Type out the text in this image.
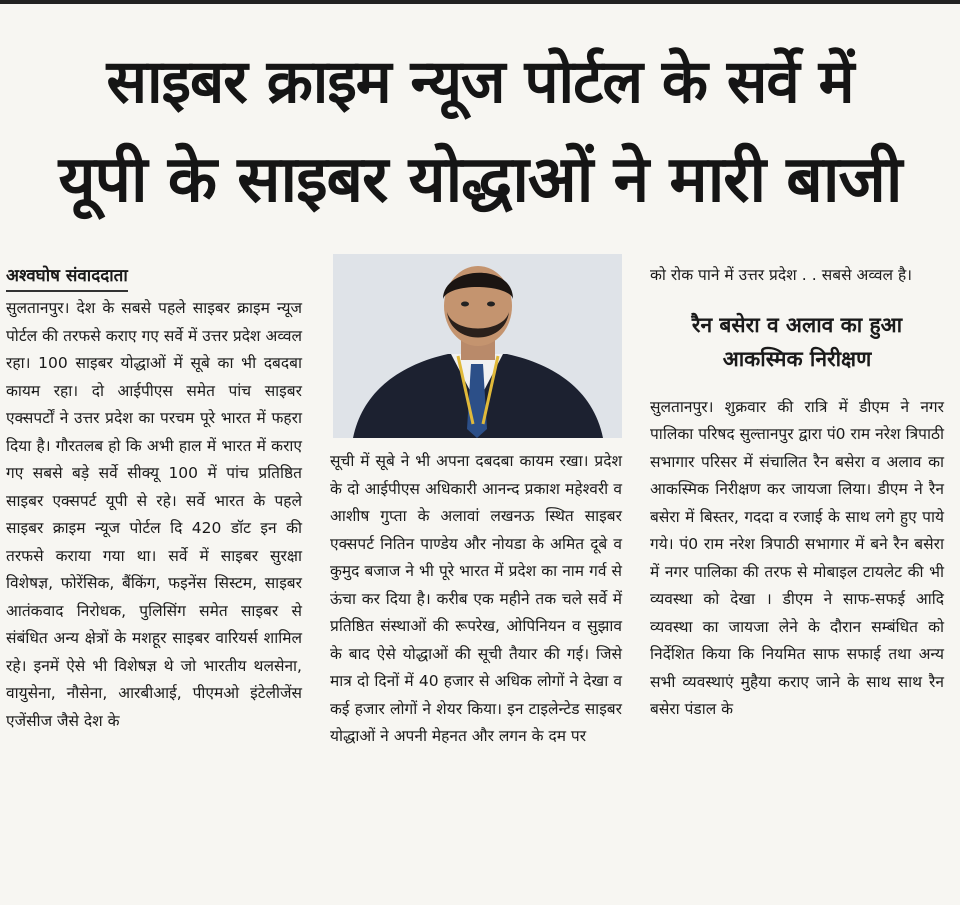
साइबर क्राइम न्यूज पोर्टल के सर्वे में
यूपी के साइबर योद्धाओं ने मारी बाजी
अश्वघोष संवाददाता

सुलतानपुर। देश के सबसे पहले साइबर क्राइम न्यूज पोर्टल की तरफसे कराए गए सर्वे में उत्तर प्रदेश अव्वल रहा। 100 साइबर योद्धाओं में सूबे का भी दबदबा कायम रहा। दो आईपीएस समेत पांच साइबर एक्सपर्टों ने उत्तर प्रदेश का परचम पूरे भारत में फहरा दिया है। गौरतलब हो कि अभी हाल में भारत में कराए गए सबसे बड़े सर्वे सीक्यू 100 में पांच प्रतिष्ठित साइबर एक्सपर्ट यूपी से रहे। सर्वे भारत के पहले साइबर क्राइम न्यूज पोर्टल दि 420 डॉट इन की तरफसे कराया गया था। सर्वे में साइबर सुरक्षा विशेषज्ञ, फोरेंसिक, बैंकिंग, फइनेंस सिस्टम, साइबर आतंकवाद निरोधक, पुलिसिंग समेत साइबर से संबंधित अन्य क्षेत्रों के मशहूर साइबर वारियर्स शामिल रहे। इनमें ऐसे भी विशेषज्ञ थे जो भारतीय थलसेना, वायुसेना, नौसेना, आरबीआई, पीएमओ इंटेलीजेंस एजेंसीज जैसे देश के

सूची में सूबे ने भी अपना दबदबा कायम रखा। प्रदेश के दो आईपीएस अधिकारी आनन्द प्रकाश महेश्वरी व आशीष गुप्ता के अलावां लखनऊ स्थित साइबर एक्सपर्ट नितिन पाण्डेय और नोयडा के अमित दूबे व कुमुद बजाज ने भी पूरे भारत में प्रदेश का नाम गर्व से ऊंचा कर दिया है। करीब एक महीने तक चले सर्वे में प्रतिष्ठित संस्थाओं की रूपरेख, ओपिनियन व सुझाव के बाद ऐसे योद्धाओं की सूची तैयार की गई। जिसे मात्र दो दिनों में 40 हजार से अधिक लोगों ने देखा व कई हजार लोगों ने शेयर किया। इन टाइलेन्टेड साइबर योद्धाओं ने अपनी मेहनत और लगन के दम पर

को रोक पाने में उत्तर प्रदेश ․ ․ सबसे अव्वल है।

रैन बसेरा व अलाव का हुआ आकस्मिक निरीक्षण

सुलतानपुर। शुक्रवार की रात्रि में डीएम ने नगर पालिका परिषद सुल्तानपुर द्वारा पं0 राम नरेश त्रिपाठी सभागार परिसर में संचालित रैन बसेरा व अलाव का आकस्मिक निरीक्षण कर जायजा लिया। डीएम ने रैन बसेरा में बिस्तर, गददा व रजाई के साथ लगे हुए पाये गये। पं0 राम नरेश त्रिपाठी सभागार में बने रैन बसेरा में नगर पालिका की तरफ से मोबाइल टायलेट की भी व्यवस्था को देखा । डीएम ने साफ-सफई आदि व्यवस्था का जायजा लेने के दौरान सम्बंधित को निर्देशित किया कि नियमित साफ सफाई तथा अन्य सभी व्यवस्थाएं मुहैया कराए जाने के साथ साथ रैन बसेरा पंडाल के
